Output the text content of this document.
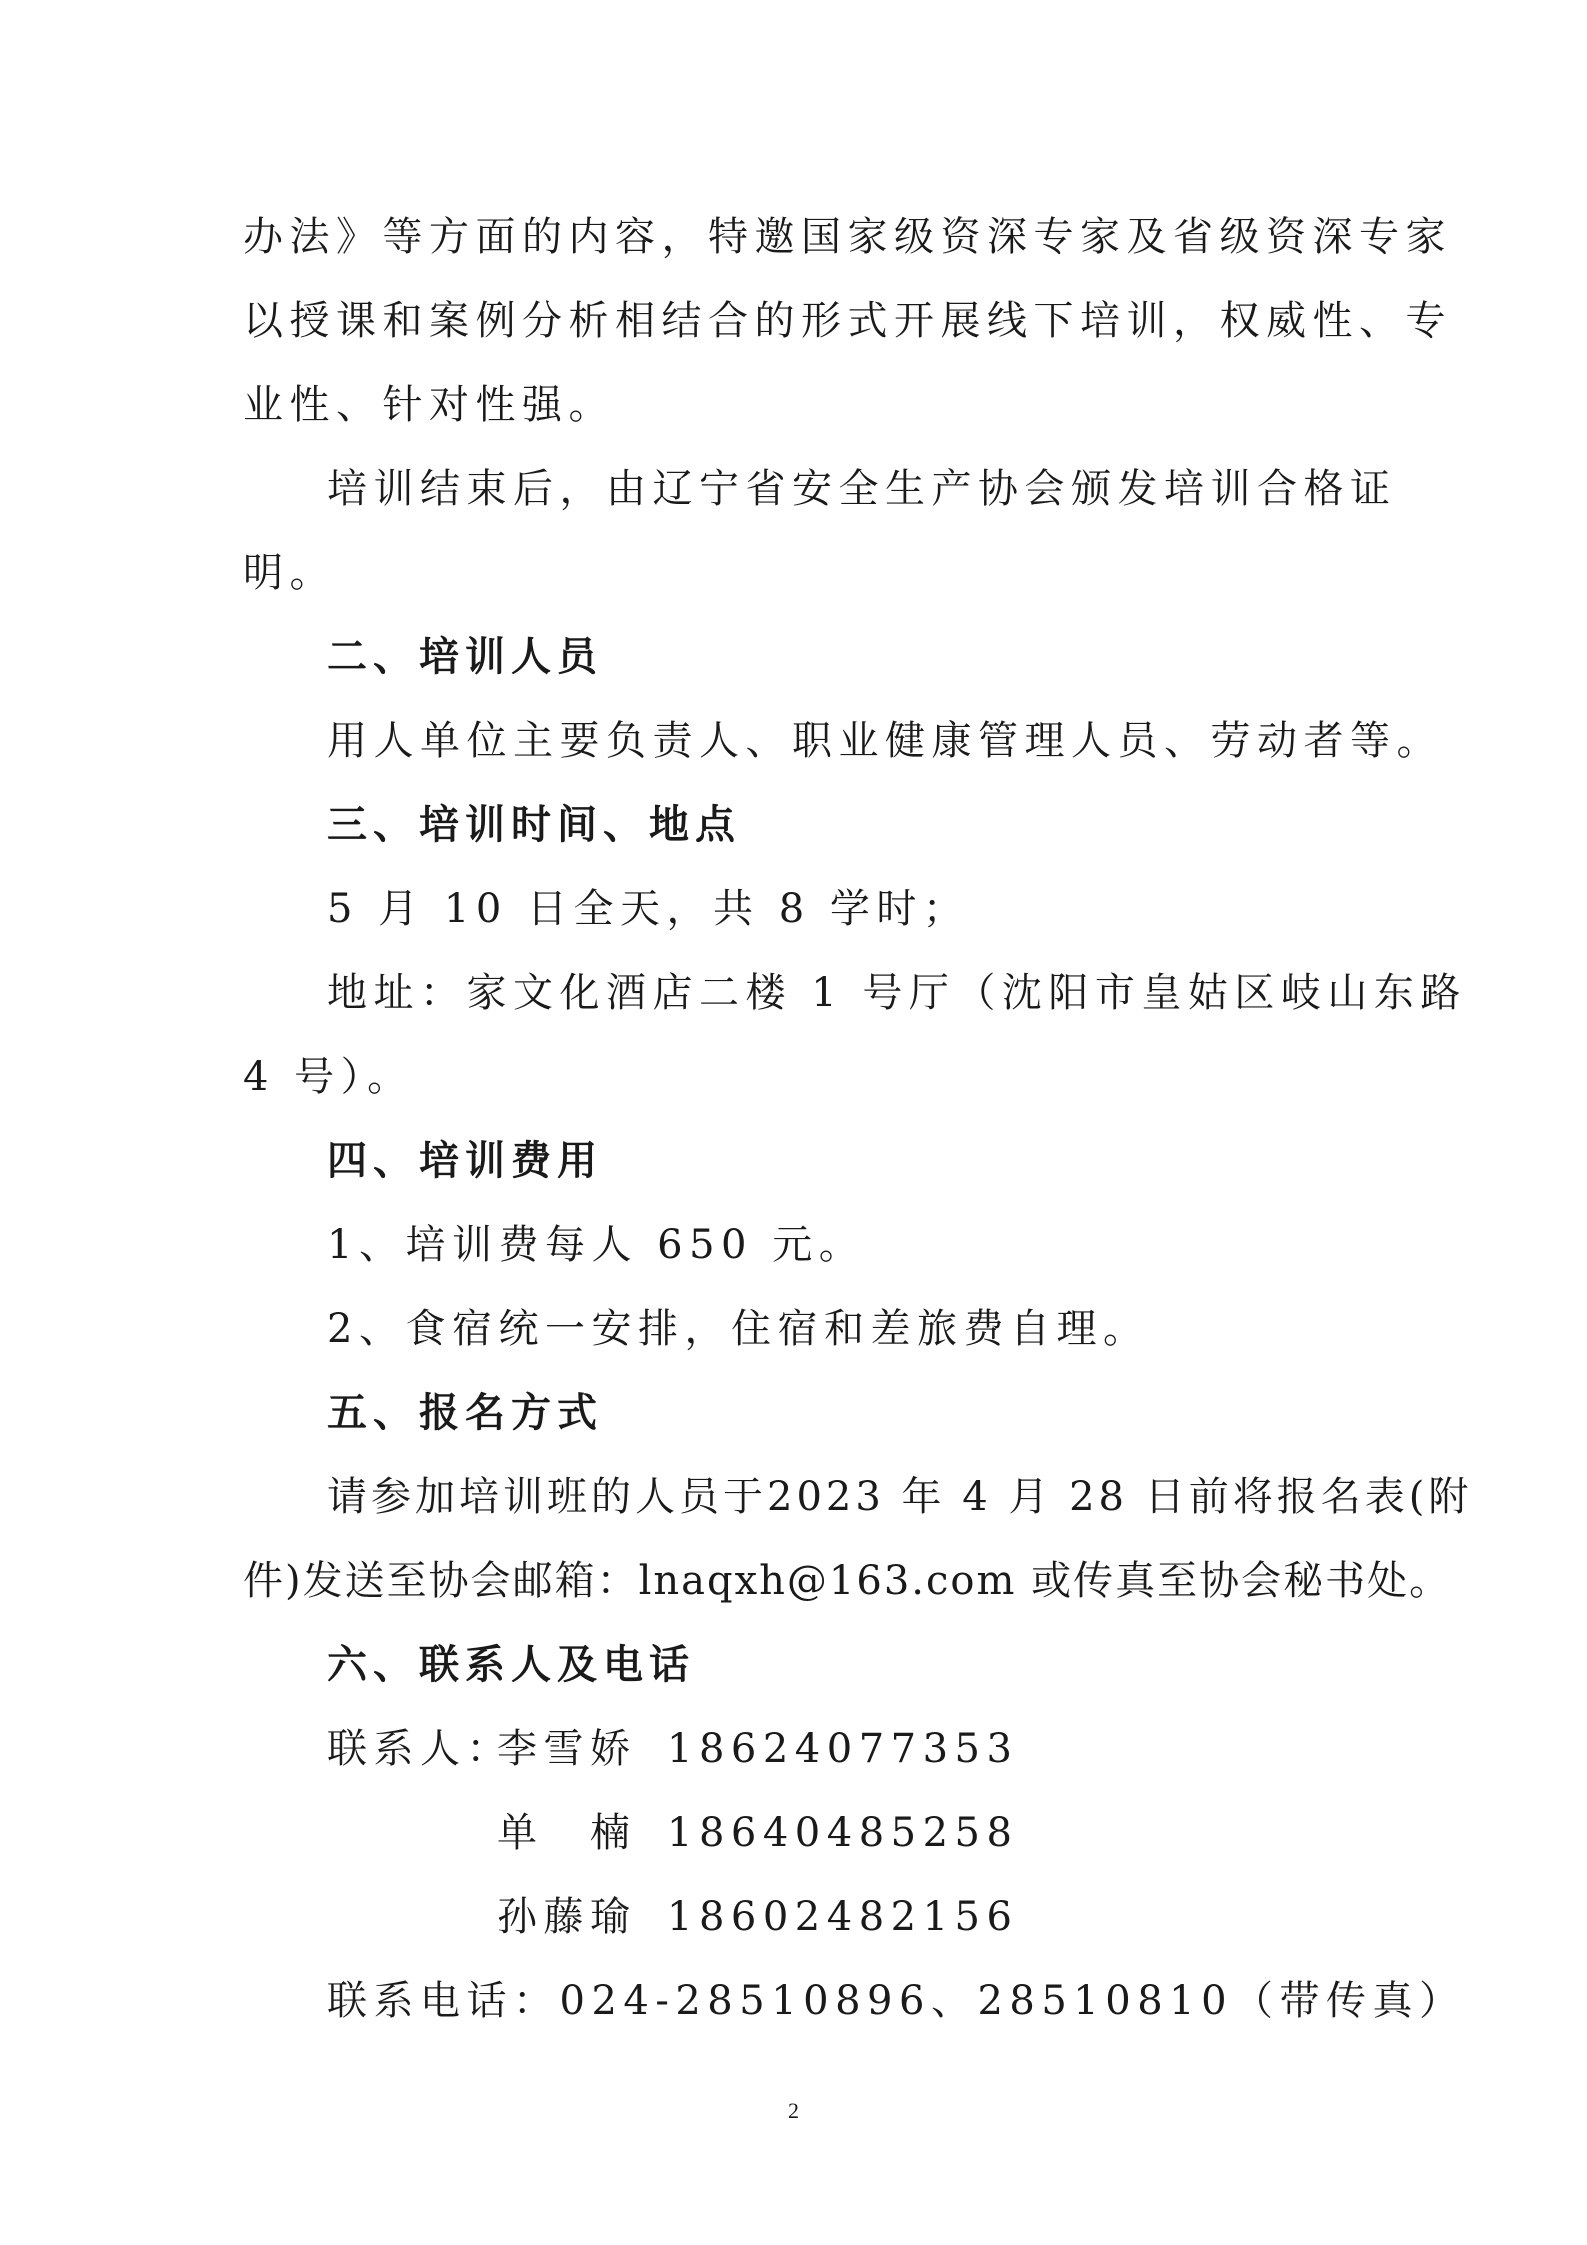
办法》等方面的内容，特邀国家级资深专家及省级资深专家
以授课和案例分析相结合的形式开展线下培训，权威性、专
业性、针对性强。
培训结束后，由辽宁省安全生产协会颁发培训合格证
明。
二、培训人员
用人单位主要负责人、职业健康管理人员、劳动者等。
三、培训时间、地点
5 月 10 日全天，共 8 学时；
地址：家文化酒店二楼 1 号厅（沈阳市皇姑区岐山东路
4 号）。
四、培训费用
1、培训费每人 650 元。
2、食宿统一安排，住宿和差旅费自理。
五、报名方式
请参加培训班的人员于2023 年 4 月 28 日前将报名表(附
件)发送至协会邮箱：lnaqxh@163.com 或传真至协会秘书处。
六、联系人及电话
联系人：
李雪娇 18624077353
单　楠 18640485258
孙藤瑜 18602482156
联系电话：024-28510896、28510810（带传真）
2
